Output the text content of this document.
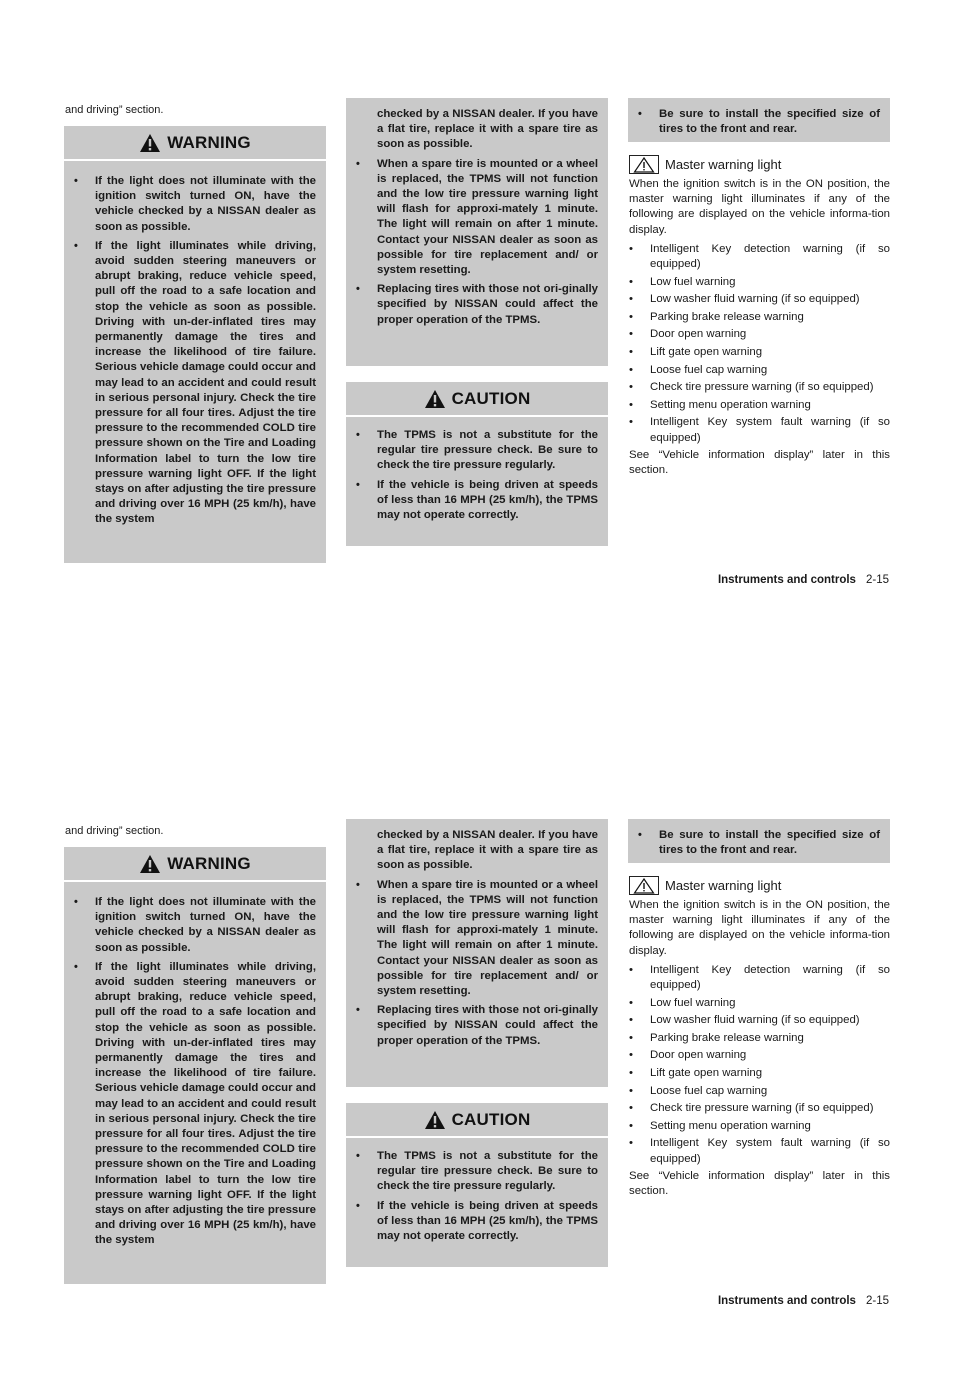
and driving” section.
WARNING
• If the light does not illuminate with the ignition switch turned ON, have the vehicle checked by a NISSAN dealer as soon as possible.
• If the light illuminates while driving, avoid sudden steering maneuvers or abrupt braking, reduce vehicle speed, pull off the road to a safe location and stop the vehicle as soon as possible. Driving with un-der-inflated tires may permanently damage the tires and increase the likelihood of tire failure. Serious vehicle damage could occur and may lead to an accident and could result in serious personal injury. Check the tire pressure for all four tires. Adjust the tire pressure to the recommended COLD tire pressure shown on the Tire and Loading Information label to turn the low tire pressure warning light OFF. If the light stays on after adjusting the tire pressure and driving over 16 MPH (25 km/h), have the system
checked by a NISSAN dealer. If you have a flat tire, replace it with a spare tire as soon as possible.
• When a spare tire is mounted or a wheel is replaced, the TPMS will not function and the low tire pressure warning light will flash for approxi-mately 1 minute. The light will remain on after 1 minute. Contact your NISSAN dealer as soon as possible for tire replacement and/ or system resetting.
• Replacing tires with those not ori-ginally specified by NISSAN could affect the proper operation of the TPMS.
CAUTION
• The TPMS is not a substitute for the regular tire pressure check. Be sure to check the tire pressure regularly.
• If the vehicle is being driven at speeds of less than 16 MPH (25 km/h), the TPMS may not operate correctly.
• Be sure to install the specified size of tires to the front and rear.
Master warning light
When the ignition switch is in the ON position, the master warning light illuminates if any of the following are displayed on the vehicle informa-tion display.
• Intelligent Key detection warning (if so equipped)
• Low fuel warning
• Low washer fluid warning (if so equipped)
• Parking brake release warning
• Door open warning
• Lift gate open warning
• Loose fuel cap warning
• Check tire pressure warning (if so equipped)
• Setting menu operation warning
• Intelligent Key system fault warning (if so equipped)
See “Vehicle information display” later in this section.
Instruments and controls 2-15
and driving” section.
WARNING
• If the light does not illuminate with the ignition switch turned ON, have the vehicle checked by a NISSAN dealer as soon as possible.
• If the light illuminates while driving, avoid sudden steering maneuvers or abrupt braking, reduce vehicle speed, pull off the road to a safe location and stop the vehicle as soon as possible. Driving with un-der-inflated tires may permanently damage the tires and increase the likelihood of tire failure. Serious vehicle damage could occur and may lead to an accident and could result in serious personal injury. Check the tire pressure for all four tires. Adjust the tire pressure to the recommended COLD tire pressure shown on the Tire and Loading Information label to turn the low tire pressure warning light OFF. If the light stays on after adjusting the tire pressure and driving over 16 MPH (25 km/h), have the system
checked by a NISSAN dealer. If you have a flat tire, replace it with a spare tire as soon as possible.
• When a spare tire is mounted or a wheel is replaced, the TPMS will not function and the low tire pressure warning light will flash for approxi-mately 1 minute. The light will remain on after 1 minute. Contact your NISSAN dealer as soon as possible for tire replacement and/ or system resetting.
• Replacing tires with those not ori-ginally specified by NISSAN could affect the proper operation of the TPMS.
CAUTION
• The TPMS is not a substitute for the regular tire pressure check. Be sure to check the tire pressure regularly.
• If the vehicle is being driven at speeds of less than 16 MPH (25 km/h), the TPMS may not operate correctly.
• Be sure to install the specified size of tires to the front and rear.
Master warning light
When the ignition switch is in the ON position, the master warning light illuminates if any of the following are displayed on the vehicle informa-tion display.
• Intelligent Key detection warning (if so equipped)
• Low fuel warning
• Low washer fluid warning (if so equipped)
• Parking brake release warning
• Door open warning
• Lift gate open warning
• Loose fuel cap warning
• Check tire pressure warning (if so equipped)
• Setting menu operation warning
• Intelligent Key system fault warning (if so equipped)
See “Vehicle information display” later in this section.
Instruments and controls 2-15
